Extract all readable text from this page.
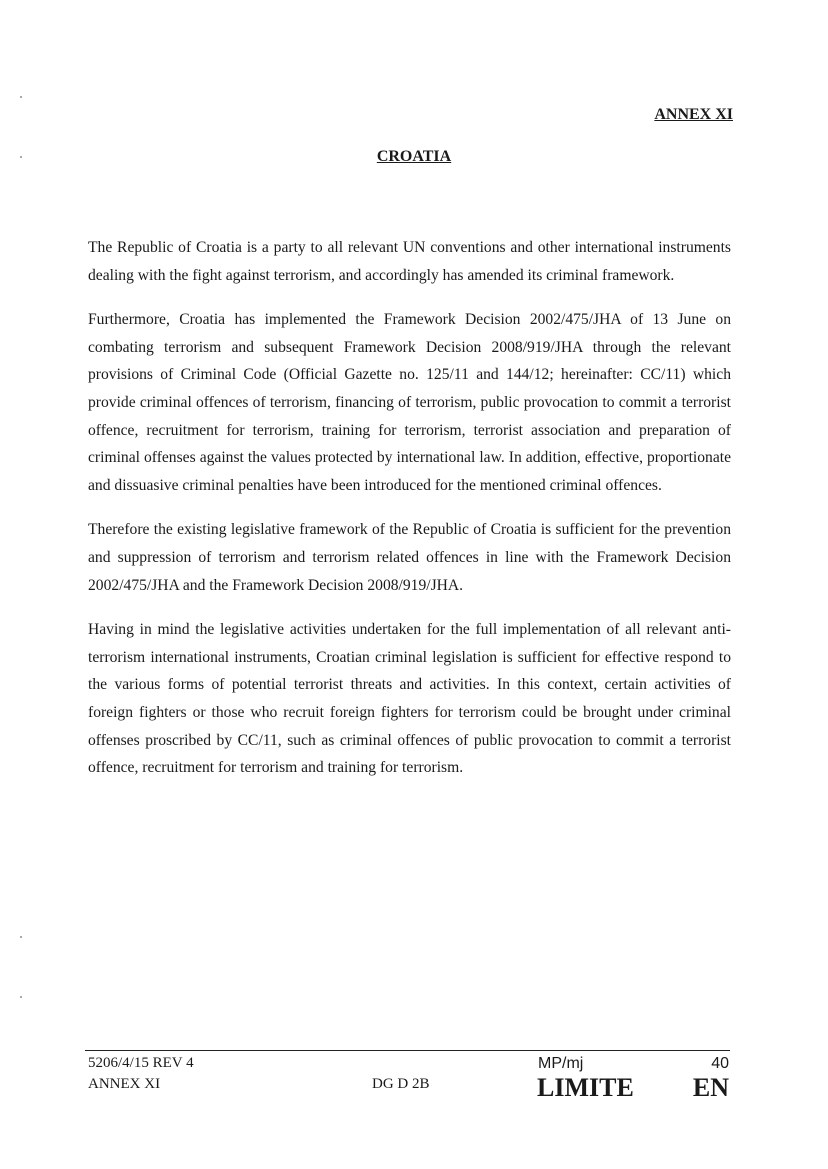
ANNEX XI
CROATIA

The Republic of Croatia is a party to all relevant UN conventions and other international instruments dealing with the fight against terrorism, and accordingly has amended its criminal framework.

Furthermore, Croatia has implemented the Framework Decision 2002/475/JHA of 13 June on combating terrorism and subsequent Framework Decision 2008/919/JHA through the relevant provisions of Criminal Code (Official Gazette no. 125/11 and 144/12; hereinafter: CC/11) which provide criminal offences of terrorism, financing of terrorism, public provocation to commit a terrorist offence, recruitment for terrorism, training for terrorism, terrorist association and preparation of criminal offenses against the values protected by international law. In addition, effective, proportionate and dissuasive criminal penalties have been introduced for the mentioned criminal offences.

Therefore the existing legislative framework of the Republic of Croatia is sufficient for the prevention and suppression of terrorism and terrorism related offences in line with the Framework Decision 2002/475/JHA and the Framework Decision 2008/919/JHA.

Having in mind the legislative activities undertaken for the full implementation of all relevant anti-terrorism international instruments, Croatian criminal legislation is sufficient for effective respond to the various forms of potential terrorist threats and activities. In this context, certain activities of foreign fighters or those who recruit foreign fighters for terrorism could be brought under criminal offenses proscribed by CC/11, such as criminal offences of public provocation to commit a terrorist offence, recruitment for terrorism and training for terrorism.

5206/4/15 REV 4
ANNEX XI	DG D 2B
MP/mj	40
LIMITE EN
